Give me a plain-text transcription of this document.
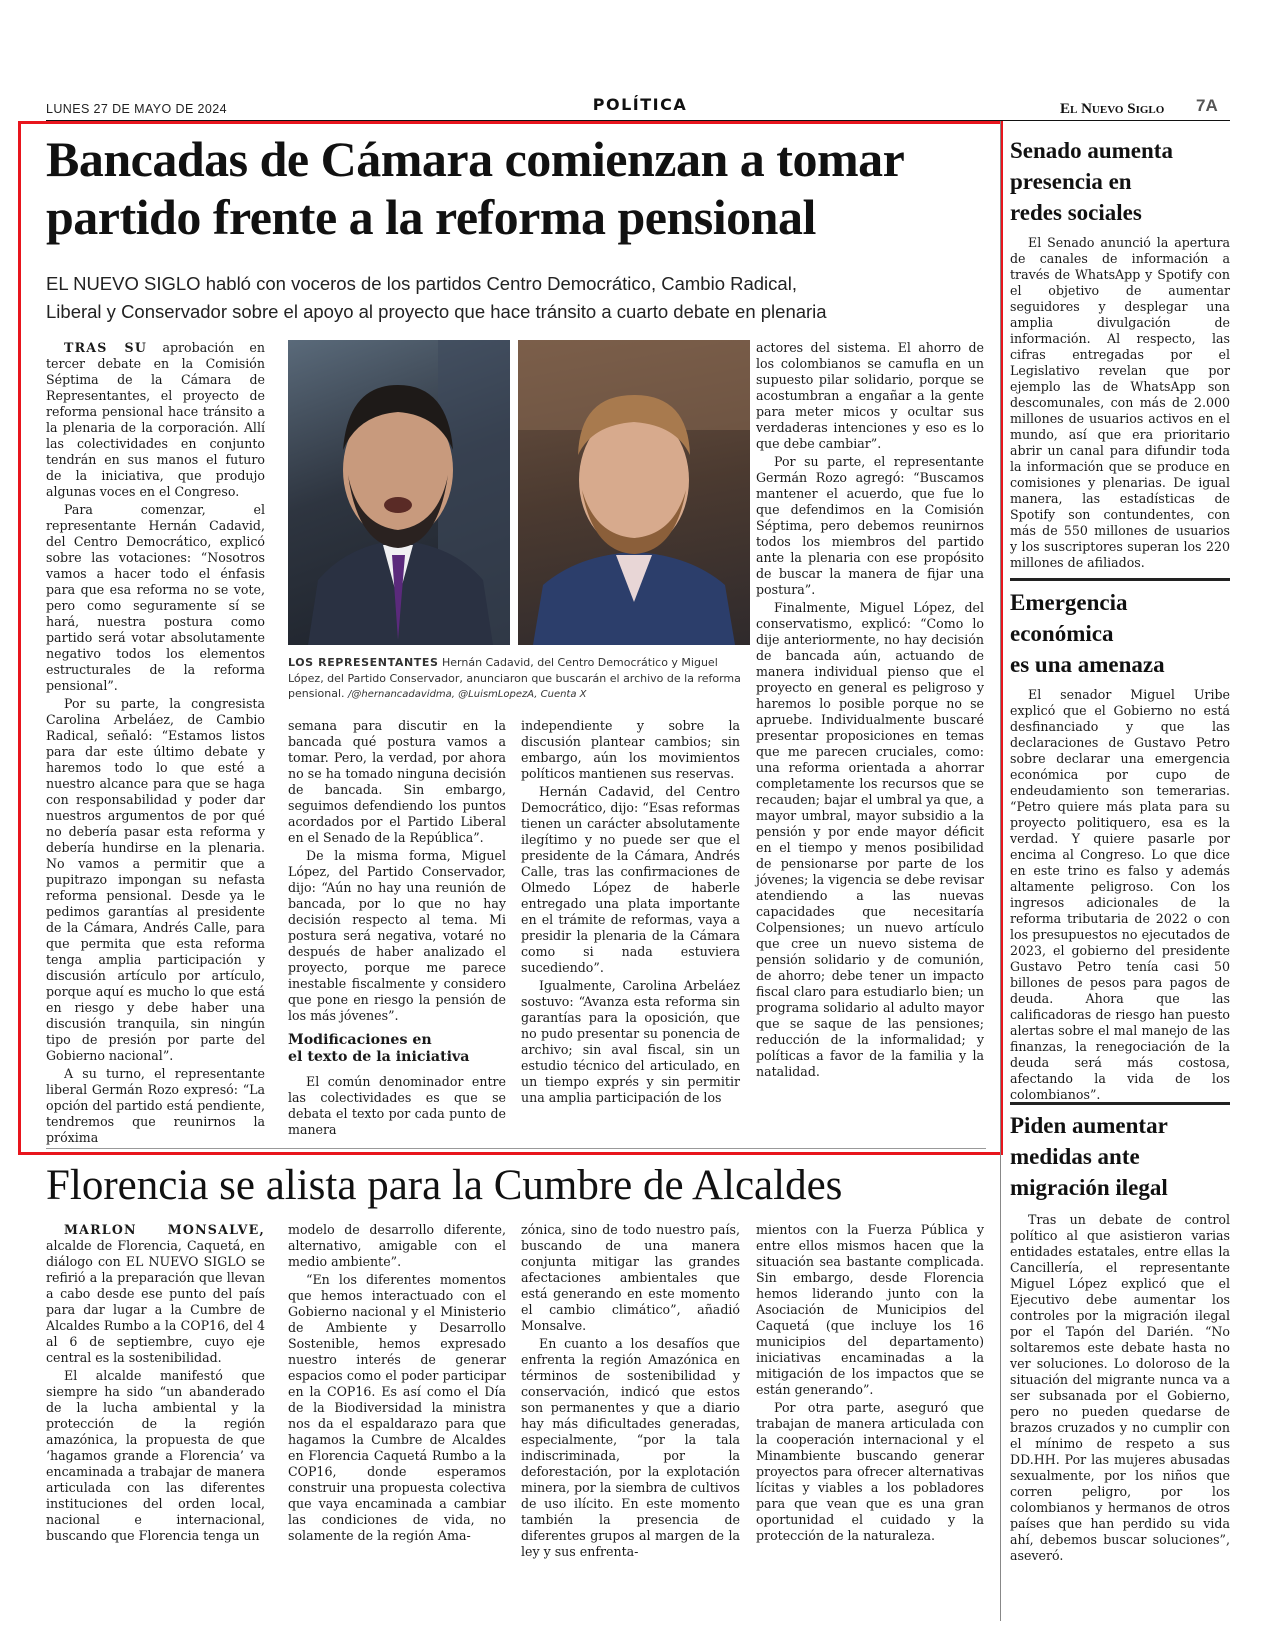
LUNES 27 DE MAYO DE 2024	POLÍTICA	El Nuevo Siglo 7A
Bancadas de Cámara comienzan a tomar
partido frente a la reforma pensional
EL NUEVO SIGLO habló con voceros de los partidos Centro Democrático, Cambio Radical,
Liberal y Conservador sobre el apoyo al proyecto que hace tránsito a cuarto debate en plenaria

TRAS SU aprobación en tercer debate en la Comisión Séptima de la Cámara de Representantes, el proyecto de reforma pensional hace tránsito a la plenaria de la corporación. Allí las colectividades en conjunto tendrán en sus manos el futuro de la iniciativa, que produjo algunas voces en el Congreso.

Para comenzar, el representante Hernán Cadavid, del Centro Democrático, explicó sobre las votaciones: “Nosotros vamos a hacer todo el énfasis para que esa reforma no se vote, pero como seguramente sí se hará, nuestra postura como partido será votar absolutamente negativo todos los elementos estructurales de la reforma pensional”.

Por su parte, la congresista Carolina Arbeláez, de Cambio Radical, señaló: “Estamos listos para dar este último debate y haremos todo lo que esté a nuestro alcance para que se haga con responsabilidad y poder dar nuestros argumentos de por qué no debería pasar esta reforma y debería hundirse en la plenaria. No vamos a permitir que a pupitrazo impongan su nefasta reforma pensional. Desde ya le pedimos garantías al presidente de la Cámara, Andrés Calle, para que permita que esta reforma tenga amplia participación y discusión artículo por artículo, porque aquí es mucho lo que está en riesgo y debe haber una discusión tranquila, sin ningún tipo de presión por parte del Gobierno nacional”.

A su turno, el representante liberal Germán Rozo expresó: “La opción del partido está pendiente, tendremos que reunirnos la próxima

LOS REPRESENTANTES Hernán Cadavid, del Centro Democrático y Miguel López, del Partido Conservador, anunciaron que buscarán el archivo de la reforma pensional. /@hernancadavidma, @LuismLopezA, Cuenta X

semana para discutir en la bancada qué postura vamos a tomar. Pero, la verdad, por ahora no se ha tomado ninguna decisión de bancada. Sin embargo, seguimos defendiendo los puntos acordados por el Partido Liberal en el Senado de la República”.

De la misma forma, Miguel López, del Partido Conservador, dijo: “Aún no hay una reunión de bancada, por lo que no hay decisión respecto al tema. Mi postura será negativa, votaré no después de haber analizado el proyecto, porque me parece inestable fiscalmente y considero que pone en riesgo la pensión de los más jóvenes”.

Modificaciones en
el texto de la iniciativa

El común denominador entre las colectividades es que se debata el texto por cada punto de manera

independiente y sobre la discusión plantear cambios; sin embargo, aún los movimientos políticos mantienen sus reservas.

Hernán Cadavid, del Centro Democrático, dijo: “Esas reformas tienen un carácter absolutamente ilegítimo y no puede ser que el presidente de la Cámara, Andrés Calle, tras las confirmaciones de Olmedo López de haberle entregado una plata importante en el trámite de reformas, vaya a presidir la plenaria de la Cámara como si nada estuviera sucediendo”.

Igualmente, Carolina Arbeláez sostuvo: “Avanza esta reforma sin garantías para la oposición, que no pudo presentar su ponencia de archivo; sin aval fiscal, sin un estudio técnico del articulado, en un tiempo exprés y sin permitir una amplia participación de los

actores del sistema. El ahorro de los colombianos se camufla en un supuesto pilar solidario, porque se acostumbran a engañar a la gente para meter micos y ocultar sus verdaderas intenciones y eso es lo que debe cambiar”.

Por su parte, el representante Germán Rozo agregó: “Buscamos mantener el acuerdo, que fue lo que defendimos en la Comisión Séptima, pero debemos reunirnos todos los miembros del partido ante la plenaria con ese propósito de buscar la manera de fijar una postura”.

Finalmente, Miguel López, del conservatismo, explicó: “Como lo dije anteriormente, no hay decisión de bancada aún, actuando de manera individual pienso que el proyecto en general es peligroso y haremos lo posible porque no se apruebe. Individualmente buscaré presentar proposiciones en temas que me parecen cruciales, como: una reforma orientada a ahorrar completamente los recursos que se recauden; bajar el umbral ya que, a mayor umbral, mayor subsidio a la pensión y por ende mayor déficit en el tiempo y menos posibilidad de pensionarse por parte de los jóvenes; la vigencia se debe revisar atendiendo a las nuevas capacidades que necesitaría Colpensiones; un nuevo artículo que cree un nuevo sistema de pensión solidario y de comunión, de ahorro; debe tener un impacto fiscal claro para estudiarlo bien; un programa solidario al adulto mayor que se saque de las pensiones; reducción de la informalidad; y políticas a favor de la familia y la natalidad.

Florencia se alista para la Cumbre de Alcaldes

MARLON MONSALVE, alcalde de Florencia, Caquetá, en diálogo con EL NUEVO SIGLO se refirió a la preparación que llevan a cabo desde ese punto del país para dar lugar a la Cumbre de Alcaldes Rumbo a la COP16, del 4 al 6 de septiembre, cuyo eje central es la sostenibilidad.

El alcalde manifestó que siempre ha sido “un abanderado de la lucha ambiental y la protección de la región amazónica, la propuesta de que ‘hagamos grande a Florencia’ va encaminada a trabajar de manera articulada con las diferentes instituciones del orden local, nacional e internacional, buscando que Florencia tenga un

modelo de desarrollo diferente, alternativo, amigable con el medio ambiente”.

“En los diferentes momentos que hemos interactuado con el Gobierno nacional y el Ministerio de Ambiente y Desarrollo Sostenible, hemos expresado nuestro interés de generar espacios como el poder participar en la COP16. Es así como el Día de la Biodiversidad la ministra nos da el espaldarazo para que hagamos la Cumbre de Alcaldes en Florencia Caquetá Rumbo a la COP16, donde esperamos construir una propuesta colectiva que vaya encaminada a cambiar las condiciones de vida, no solamente de la región Ama-

zónica, sino de todo nuestro país, buscando de una manera conjunta mitigar las grandes afectaciones ambientales que está generando en este momento el cambio climático”, añadió Monsalve.

En cuanto a los desafíos que enfrenta la región Amazónica en términos de sostenibilidad y conservación, indicó que estos son permanentes y que a diario hay más dificultades generadas, especialmente, “por la tala indiscriminada, por la deforestación, por la explotación minera, por la siembra de cultivos de uso ilícito. En este momento también la presencia de diferentes grupos al margen de la ley y sus enfrenta-

mientos con la Fuerza Pública y entre ellos mismos hacen que la situación sea bastante complicada. Sin embargo, desde Florencia hemos liderando junto con la Asociación de Municipios del Caquetá (que incluye los 16 municipios del departamento) iniciativas encaminadas a la mitigación de los impactos que se están generando”.

Por otra parte, aseguró que trabajan de manera articulada con la cooperación internacional y el Minambiente buscando generar proyectos para ofrecer alternativas lícitas y viables a los pobladores para que vean que es una gran oportunidad el cuidado y la protección de la naturaleza.

Senado aumenta
presencia en
redes sociales

El Senado anunció la apertura de canales de información a través de WhatsApp y Spotify con el objetivo de aumentar seguidores y desplegar una amplia divulgación de información. Al respecto, las cifras entregadas por el Legislativo revelan que por ejemplo las de WhatsApp son descomunales, con más de 2.000 millones de usuarios activos en el mundo, así que era prioritario abrir un canal para difundir toda la información que se produce en comisiones y plenarias. De igual manera, las estadísticas de Spotify son contundentes, con más de 550 millones de usuarios y los suscriptores superan los 220 millones de afiliados.

Emergencia
económica
es una amenaza

El senador Miguel Uribe explicó que el Gobierno no está desfinanciado y que las declaraciones de Gustavo Petro sobre declarar una emergencia económica por cupo de endeudamiento son temerarias. “Petro quiere más plata para su proyecto politiquero, esa es la verdad. Y quiere pasarle por encima al Congreso. Lo que dice en este trino es falso y además altamente peligroso. Con los ingresos adicionales de la reforma tributaria de 2022 o con los presupuestos no ejecutados de 2023, el gobierno del presidente Gustavo Petro tenía casi 50 billones de pesos para pagos de deuda. Ahora que las calificadoras de riesgo han puesto alertas sobre el mal manejo de las finanzas, la renegociación de la deuda será más costosa, afectando la vida de los colombianos”.

Piden aumentar
medidas ante
migración ilegal

Tras un debate de control político al que asistieron varias entidades estatales, entre ellas la Cancillería, el representante Miguel López explicó que el Ejecutivo debe aumentar los controles por la migración ilegal por el Tapón del Darién. “No soltaremos este debate hasta no ver soluciones. Lo doloroso de la situación del migrante nunca va a ser subsanada por el Gobierno, pero no pueden quedarse de brazos cruzados y no cumplir con el mínimo de respeto a sus DD.HH. Por las mujeres abusadas sexualmente, por los niños que corren peligro, por los colombianos y hermanos de otros países que han perdido su vida ahí, debemos buscar soluciones”, aseveró.
